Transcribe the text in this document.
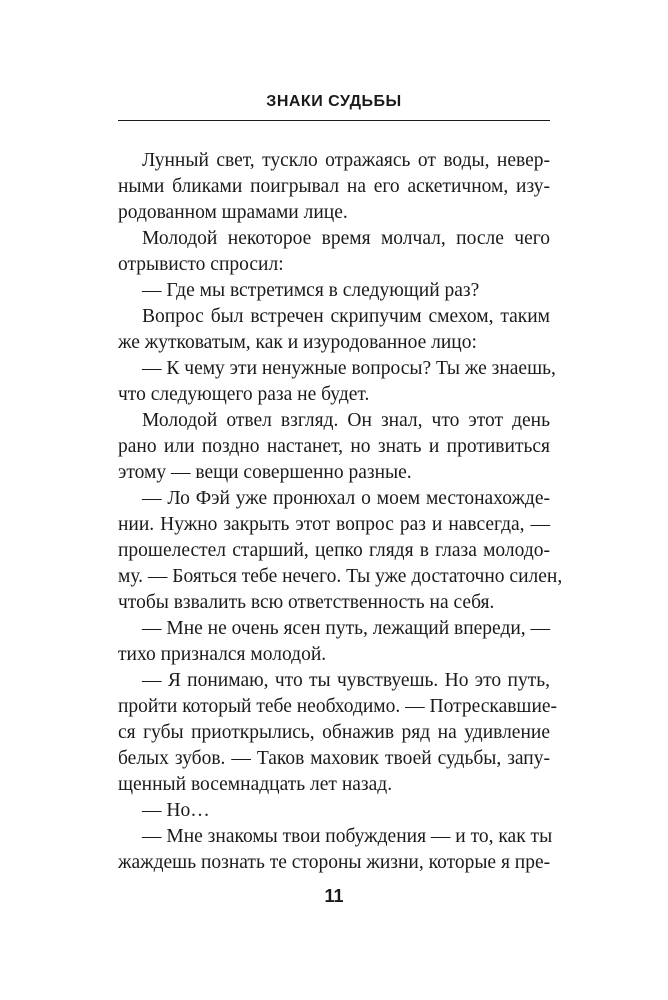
ЗНАКИ СУДЬБЫ
Лунный свет, тускло отражаясь от воды, невер-
ными бликами поигрывал на его аскетичном, изу-
родованном шрамами лице.
Молодой некоторое время молчал, после чего
отрывисто спросил:
— Где мы встретимся в следующий раз?
Вопрос был встречен скрипучим смехом, таким
же жутковатым, как и изуродованное лицо:
— К чему эти ненужные вопросы? Ты же знаешь,
что следующего раза не будет.
Молодой отвел взгляд. Он знал, что этот день
рано или поздно настанет, но знать и противиться
этому — вещи совершенно разные.
— Ло Фэй уже пронюхал о моем местонахожде-
нии. Нужно закрыть этот вопрос раз и навсегда, —
прошелестел старший, цепко глядя в глаза молодо-
му. — Бояться тебе нечего. Ты уже достаточно силен,
чтобы взвалить всю ответственность на себя.
— Мне не очень ясен путь, лежащий впереди, —
тихо признался молодой.
— Я понимаю, что ты чувствуешь. Но это путь,
пройти который тебе необходимо. — Потрескавшие-
ся губы приоткрылись, обнажив ряд на удивление
белых зубов. — Таков маховик твоей судьбы, запу-
щенный восемнадцать лет назад.
— Но…
— Мне знакомы твои побуждения — и то, как ты
жаждешь познать те стороны жизни, которые я пре-
11
